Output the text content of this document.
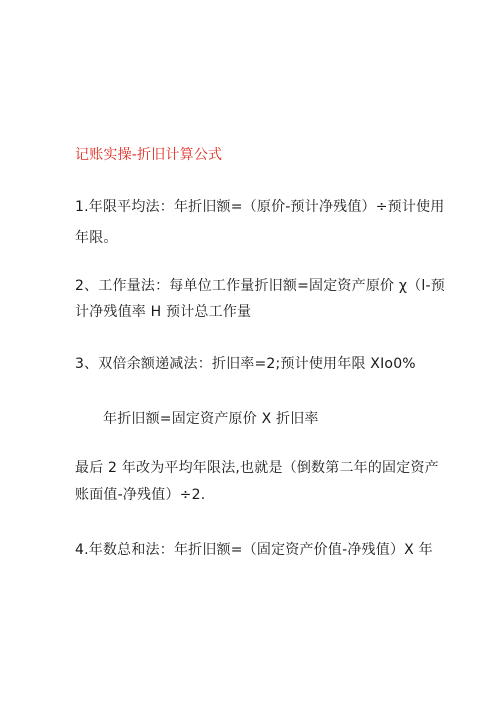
记账实操-折旧计算公式
1.年限平均法：年折旧额=（原价-预计净残值）÷预计使用
年限。
2、工作量法：每单位工作量折旧额=固定资产原价 χ（l-预
计净残值率 H 预计总工作量
3、双倍余额递减法：折旧率=2;预计使用年限 XIo0%
年折旧额=固定资产原价 X 折旧率
最后 2 年改为平均年限法,也就是（倒数第二年的固定资产
账面值-净残值）÷2.
4.年数总和法：年折旧额=（固定资产价值-净残值）X 年
